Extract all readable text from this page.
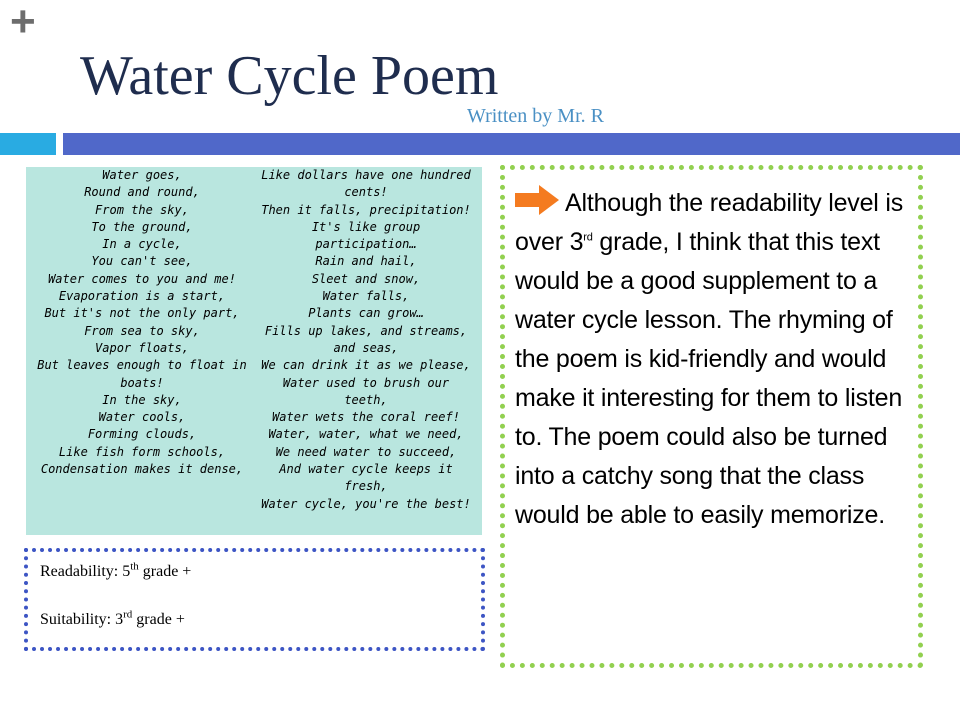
+
Water Cycle Poem
Written by Mr. R
Water goes,
Round and round,
From the sky,
To the ground,
In a cycle,
You can't see,
Water comes to you and me!
Evaporation is a start,
But it's not the only part,
From sea to sky,
Vapor floats,
But leaves enough to float in boats!
In the sky,
Water cools,
Forming clouds,
Like fish form schools,
Condensation makes it dense,
Like dollars have one hundred cents!
Then it falls, precipitation!
It's like group participation…
Rain and hail,
Sleet and snow,
Water falls,
Plants can grow…
Fills up lakes, and streams, and seas,
We can drink it as we please,
Water used to brush our teeth,
Water wets the coral reef!
Water, water, what we need,
We need water to succeed,
And water cycle keeps it fresh,
Water cycle, you're the best!

Readability: 5th grade +

Suitability: 3rd grade +

Although the readability level is over 3rd grade, I think that this text would be a good supplement to a water cycle lesson. The rhyming of the poem is kid-friendly and would make it interesting for them to listen to. The poem could also be turned into a catchy song that the class would be able to easily memorize.
